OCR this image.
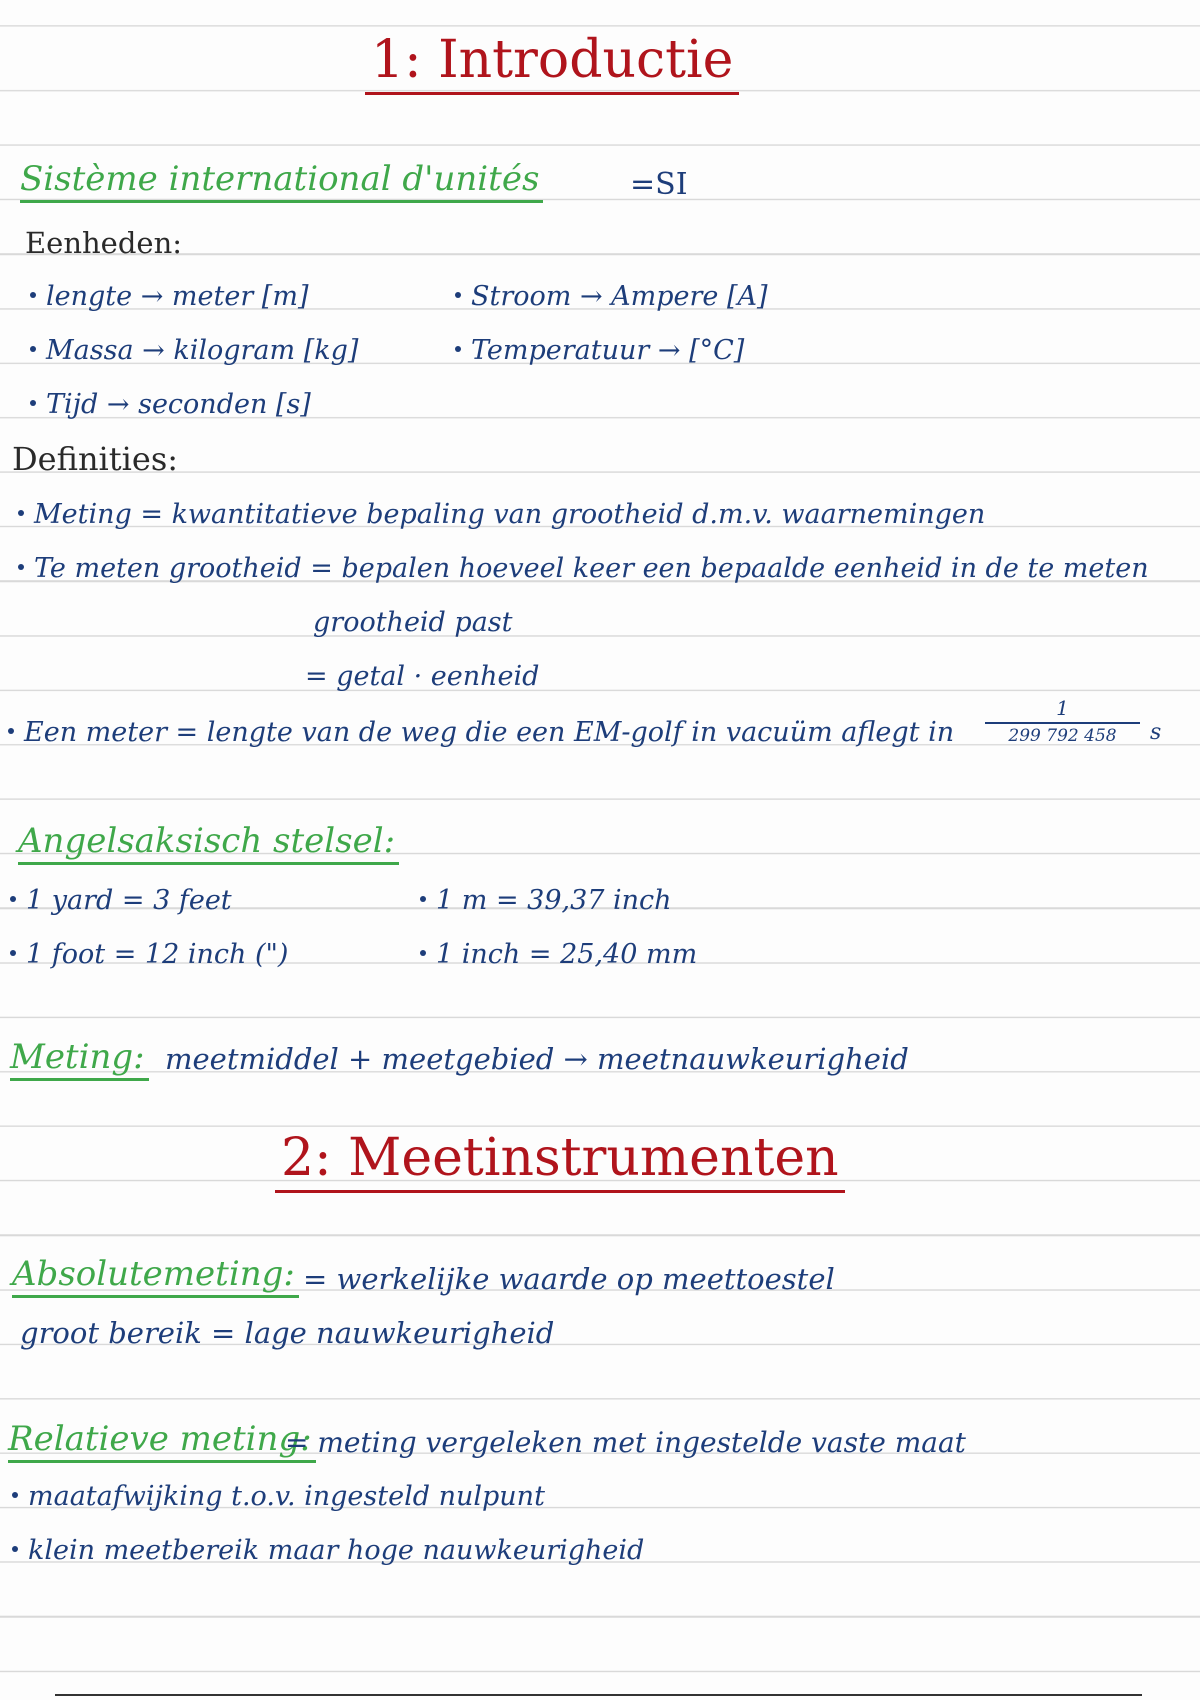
1: Introductie
Sistème international d'unités	=SI
Eenheden:
lengte → meter [m]	Stroom → Ampere [A]
Massa → kilogram [kg]	Temperatuur → [°C]
Tijd → seconden [s]
Definities:
Meting = kwantitatieve bepaling van grootheid d.m.v. waarnemingen
Te meten grootheid = bepalen hoeveel keer een bepaalde eenheid in de te meten
grootheid past
= getal · eenheid
Een meter = lengte van de weg die een EM-golf in vacuüm aflegt in $\frac{1}{299 792 458}$ s
Angelsaksisch stelsel:
1 yard = 3 feet	1 m = 39,37 inch
1 foot = 12 inch (")	1 inch = 25,40 mm
Meting: meetmiddel + meetgebied → meetnauwkeurigheid
2: Meetinstrumenten
Absolutemeting: = werkelijke waarde op meettoestel
groot bereik = lage nauwkeurigheid
Relatieve meting:
= meting vergeleken met ingestelde vaste maat
maatafwijking t.o.v. ingesteld nulpunt
klein meetbereik maar hoge nauwkeurigheid
